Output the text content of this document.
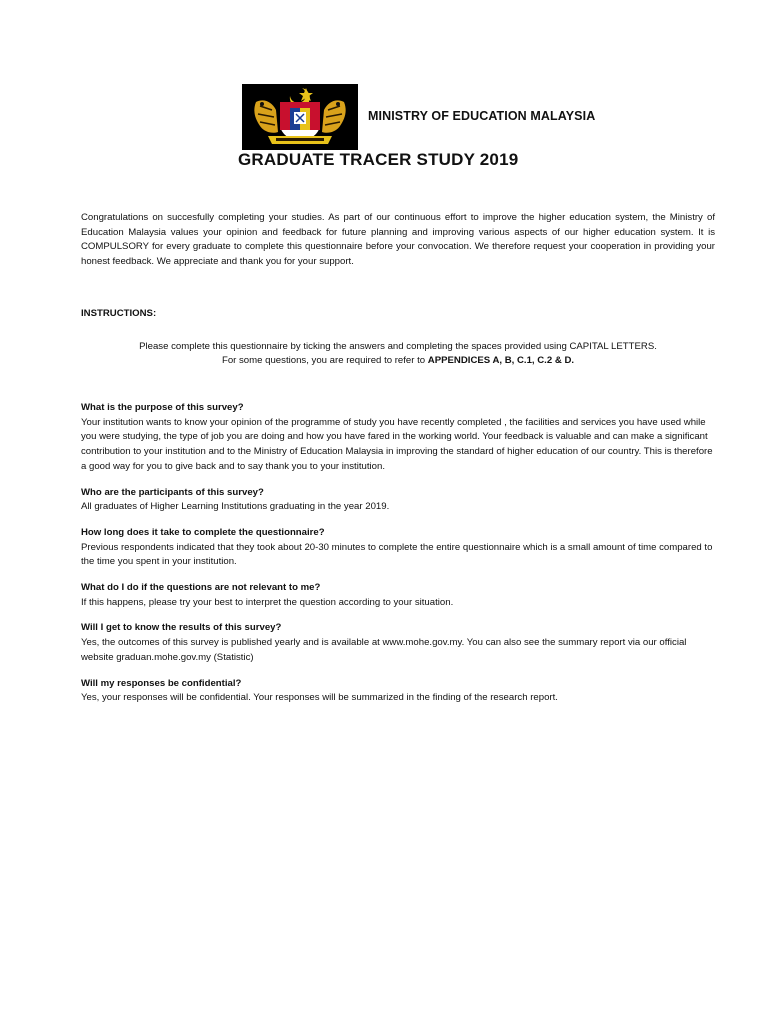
MINISTRY OF EDUCATION MALAYSIA
GRADUATE TRACER STUDY 2019

Congratulations on succesfully completing your studies. As part of our continuous effort to improve the higher education system, the Ministry of Education Malaysia values your opinion and feedback for future planning and improving various aspects of our higher education system. It is COMPULSORY for every graduate to complete this questionnaire before your convocation. We therefore request your cooperation in providing your honest feedback. We appreciate and thank you for your support.

INSTRUCTIONS:

Please complete this questionnaire by ticking the answers and completing the spaces provided using CAPITAL LETTERS.

For some questions, you are required to refer to APPENDICES A, B, C.1, C.2 & D.

What is the purpose of this survey?

Your institution wants to know your opinion of the programme of study you have recently completed , the facilities and services you have used while you were studying, the type of job you are doing and how you have fared in the working world. Your feedback is valuable and can make a significant contribution to your institution and to the Ministry of Education Malaysia in improving the standard of higher education of our country. This is therefore a good way for you to give back and to say thank you to your institution.

Who are the participants of this survey?

All graduates of Higher Learning Institutions graduating in the year 2019.

How long does it take to complete the questionnaire?

Previous respondents indicated that they took about 20-30 minutes to complete the entire questionnaire which is a small amount of time compared to the time you spent in your institution.

What do I do if the questions are not relevant to me?

If this happens, please try your best to interpret the question according to your situation.

Will I get to know the results of this survey?

Yes, the outcomes of this survey is published yearly and is available at www.mohe.gov.my. You can also see the summary report via our official website graduan.mohe.gov.my (Statistic)

Will my responses be confidential?

Yes, your responses will be confidential. Your responses will be summarized in the finding of the research report.
